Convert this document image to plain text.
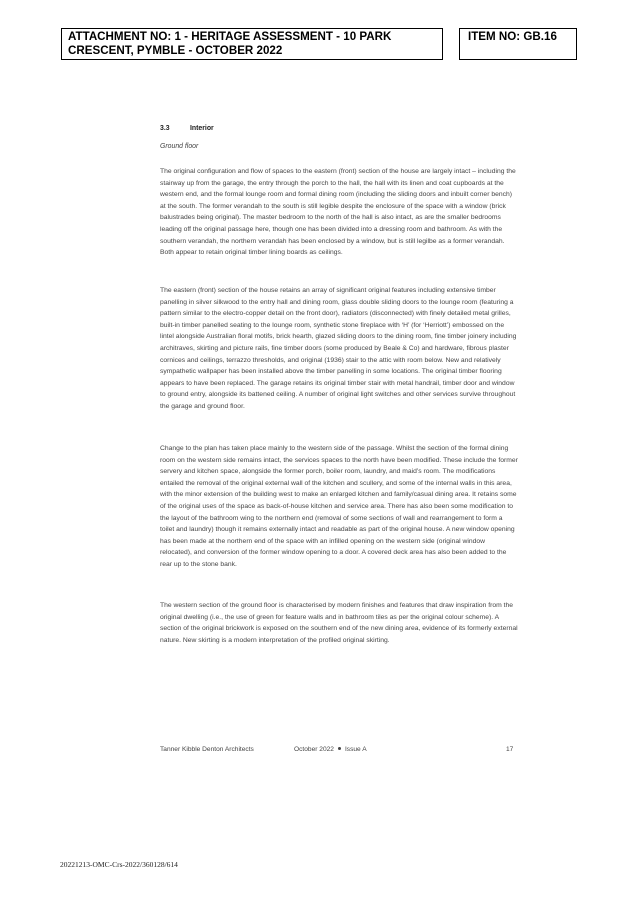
ATTACHMENT NO: 1 - HERITAGE ASSESSMENT - 10 PARK CRESCENT, PYMBLE - OCTOBER 2022
ITEM NO: GB.16
3.3	Interior
Ground floor

The original configuration and flow of spaces to the eastern (front) section of the house are largely intact – including the stairway up from the garage, the entry through the porch to the hall, the hall with its linen and coat cupboards at the western end, and the formal lounge room and formal dining room (including the sliding doors and inbuilt corner bench) at the south. The former verandah to the south is still legible despite the enclosure of the space with a window (brick balustrades being original). The master bedroom to the north of the hall is also intact, as are the smaller bedrooms leading off the original passage here, though one has been divided into a dressing room and bathroom. As with the southern verandah, the northern verandah has been enclosed by a window, but is still legilbe as a former verandah. Both appear to retain original timber lining boards as ceilings.

The eastern (front) section of the house retains an array of significant original features including extensive timber panelling in silver silkwood to the entry hall and dining room, glass double sliding doors to the lounge room (featuring a pattern similar to the electro-copper detail on the front door), radiators (disconnected) with finely detailed metal grilles, built-in timber panelled seating to the lounge room, synthetic stone fireplace with ‘H’ (for ‘Herriott’) embossed on the lintel alongside Australian floral motifs, brick hearth, glazed sliding doors to the dining room, fine timber joinery including architraves, skirting and picture rails, fine timber doors (some produced by Beale & Co) and hardware, fibrous plaster cornices and ceilings, terrazzo thresholds, and original (1936) stair to the attic with room below. New and relatively sympathetic wallpaper has been installed above the timber panelling in some locations. The original timber flooring appears to have been replaced. The garage retains its original timber stair with metal handrail, timber door and window to ground entry, alongside its battened ceiling. A number of original light switches and other services survive throughout the garage and ground floor.

Change to the plan has taken place mainly to the western side of the passage. Whilst the section of the formal dining room on the western side remains intact, the services spaces to the north have been modified. These include the former servery and kitchen space, alongside the former porch, boiler room, laundry, and maid’s room. The modifications entailed the removal of the original external wall of the kitchen and scullery, and some of the internal walls in this area, with the minor extension of the building west to make an enlarged kitchen and family/casual dining area. It retains some of the original uses of the space as back-of-house kitchen and service area. There has also been some modification to the layout of the bathroom wing to the northern end (removal of some sections of wall and rearrangement to form a toilet and laundry) though it remains externally intact and readable as part of the original house. A new window opening has been made at the northern end of the space with an infilled opening on the western side (original window relocated), and conversion of the former window opening to a door. A covered deck area has also been added to the rear up to the stone bank.

The western section of the ground floor is characterised by modern finishes and features that draw inspiration from the original dwelling (i.e., the use of green for feature walls and in bathroom tiles as per the original colour scheme). A section of the original brickwork is exposed on the southern end of the new dining area, evidence of its formerly external nature. New skirting is a modern interpretation of the profiled original skirting.

Tanner Kibble Denton Architects	October 2022 Issue A	17
20221213-OMC-Crs-2022/360128/614
